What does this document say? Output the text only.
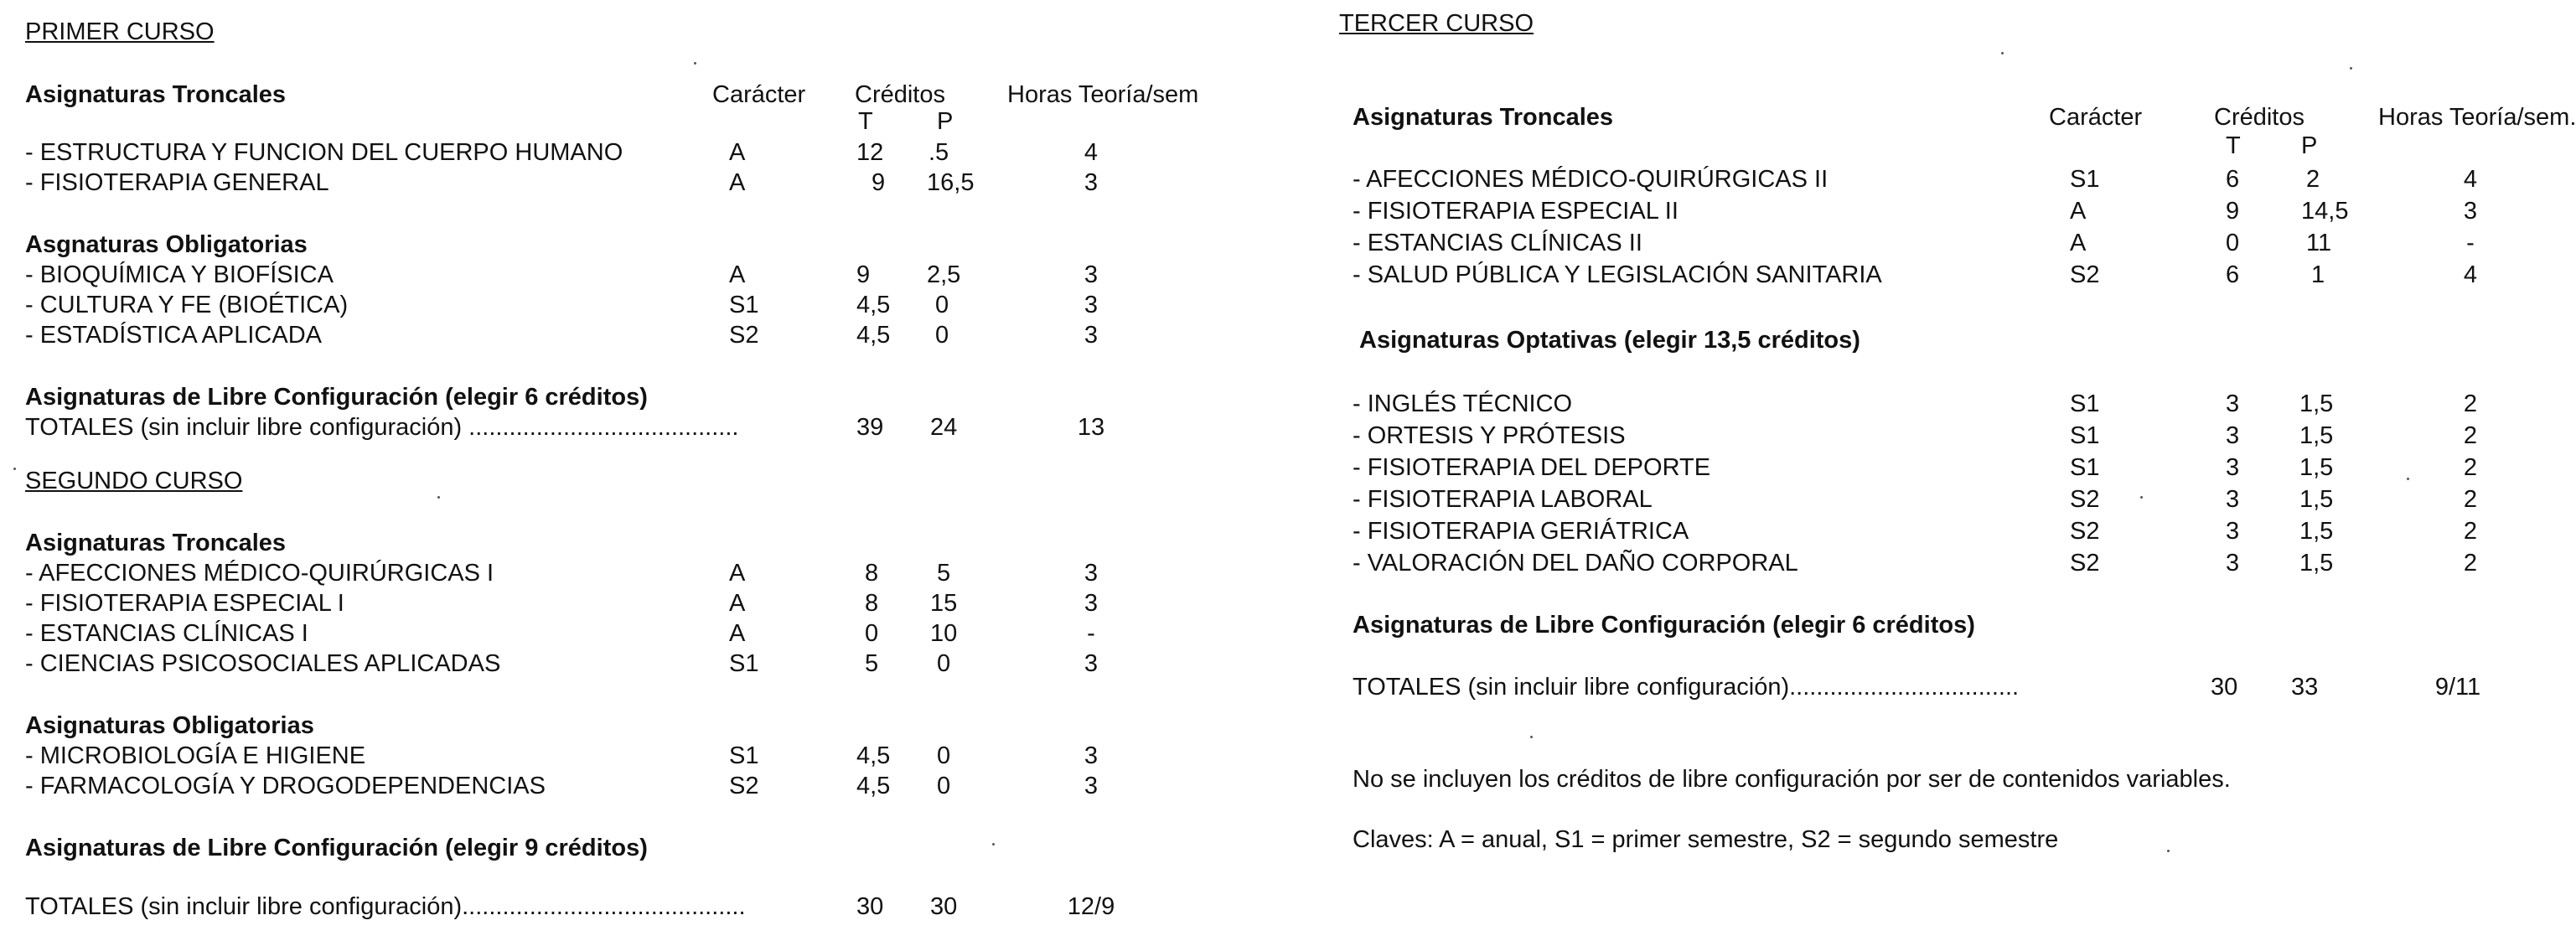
PRIMER CURSO
Asignaturas Troncales	Carácter Créditos	Horas Teoría/sem
T	P
- ESTRUCTURA Y FUNCION DEL CUERPO HUMANO	A	12 .5	4
- FISIOTERAPIA GENERAL	A	9 16,5	3
Asgnaturas Obligatorias
- BIOQUÍMICA Y BIOFÍSICA	A	9 2,5	3
- CULTURA Y FE (BIOÉTICA)	S1	4,5 0	3
- ESTADÍSTICA APLICADA	S2	4,5 0	3
Asignaturas de Libre Configuración (elegir 6 créditos)
TOTALES (sin incluir libre configuración) ........................................	39 24	13
SEGUNDO CURSO
Asignaturas Troncales
- AFECCIONES MÉDICO-QUIRÚRGICAS I	A	8 5	3
- FISIOTERAPIA ESPECIAL I	A	8 15	3
- ESTANCIAS CLÍNICAS I	A	0 10	-
- CIENCIAS PSICOSOCIALES APLICADAS	S1	5 0	3
Asignaturas Obligatorias
- MICROBIOLOGÍA E HIGIENE	S1	4,5 0	3
- FARMACOLOGÍA Y DROGODEPENDENCIAS	S2	4,5 0	3
Asignaturas de Libre Configuración (elegir 9 créditos)
TOTALES (sin incluir libre configuración)..........................................	30 30	12/9
TERCER CURSO
Asignaturas Troncales	Carácter	Créditos	Horas Teoría/sem.
T P
- AFECCIONES MÉDICO-QUIRÚRGICAS II	S1	6	2	4
- FISIOTERAPIA ESPECIAL II	A	9	14,5	3
- ESTANCIAS CLÍNICAS II	A	0	11	-
- SALUD PÚBLICA Y LEGISLACIÓN SANITARIA	S2	6	1	4
Asignaturas Optativas (elegir 13,5 créditos)
- INGLÉS TÉCNICO	S1	3 1,5	2
- ORTESIS Y PRÓTESIS	S1	3 1,5	2
- FISIOTERAPIA DEL DEPORTE	S1	3 1,5	2
- FISIOTERAPIA LABORAL	S2	3 1,5	2
- FISIOTERAPIA GERIÁTRICA	S2	3 1,5	2
- VALORACIÓN DEL DAÑO CORPORAL	S2	3 1,5	2
Asignaturas de Libre Configuración (elegir 6 créditos)
TOTALES (sin incluir libre configuración)..................................	30 33	9/11
No se incluyen los créditos de libre configuración por ser de contenidos variables.
Claves: A = anual, S1 = primer semestre, S2 = segundo semestre
